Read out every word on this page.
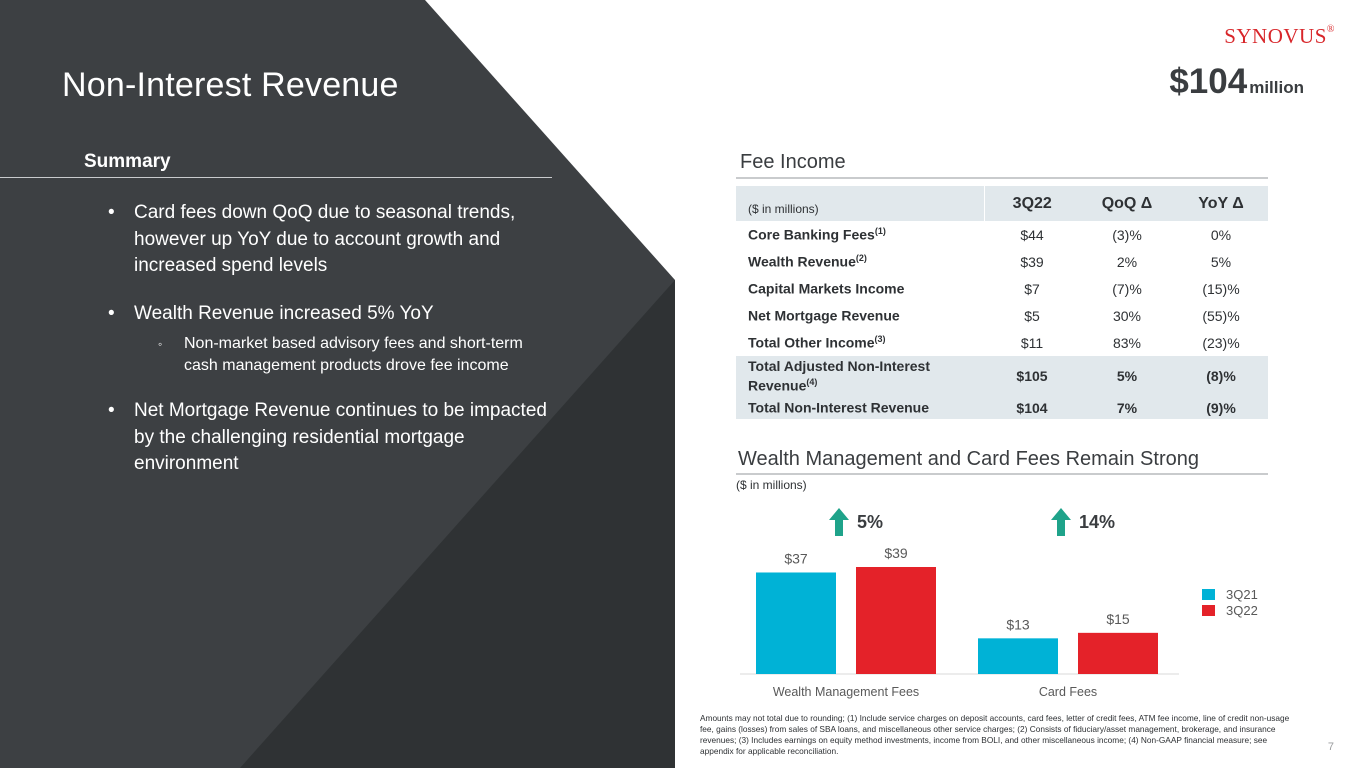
Non-Interest Revenue
SYNOVUS®
$104 million
Summary
• Card fees down QoQ due to seasonal trends, however up YoY due to account growth and increased spend levels
• Wealth Revenue increased 5% YoY
◦ Non-market based advisory fees and short-term cash management products drove fee income
• Net Mortgage Revenue continues to be impacted by the challenging residential mortgage environment
Fee Income
($ in millions)	3Q22	QoQ Δ	YoY Δ
Core Banking Fees$^{(1)}$	$44	(3)%	0%
Wealth Revenue$^{(2)}$	$39	2%	5%
Capital Markets Income	$7	(7)%	(15)%
Net Mortgage Revenue	$5	30%	(55)%
Total Other Income$^{(3)}$	$11	83%	(23)%
Total Adjusted Non-Interest Revenue$^{(4)}$	$105	5%	(8)%
Total Non-Interest Revenue	$104	7%	(9)%
Wealth Management and Card Fees Remain Strong
($ in millions)
$37	$39
Wealth Management Fees
5%
$13	$15
Card Fees
14%
3Q21
3Q22
Amounts may not total due to rounding; (1) Include service charges on deposit accounts, card fees, letter of credit fees, ATM fee income, line of credit non-usage fee, gains (losses) from sales of SBA loans, and miscellaneous other service charges; (2) Consists of fiduciary/asset management, brokerage, and insurance revenues; (3) Includes earnings on equity method investments, income from BOLI, and other miscellaneous income; (4) Non-GAAP financial measure; see appendix for applicable reconciliation.	7
